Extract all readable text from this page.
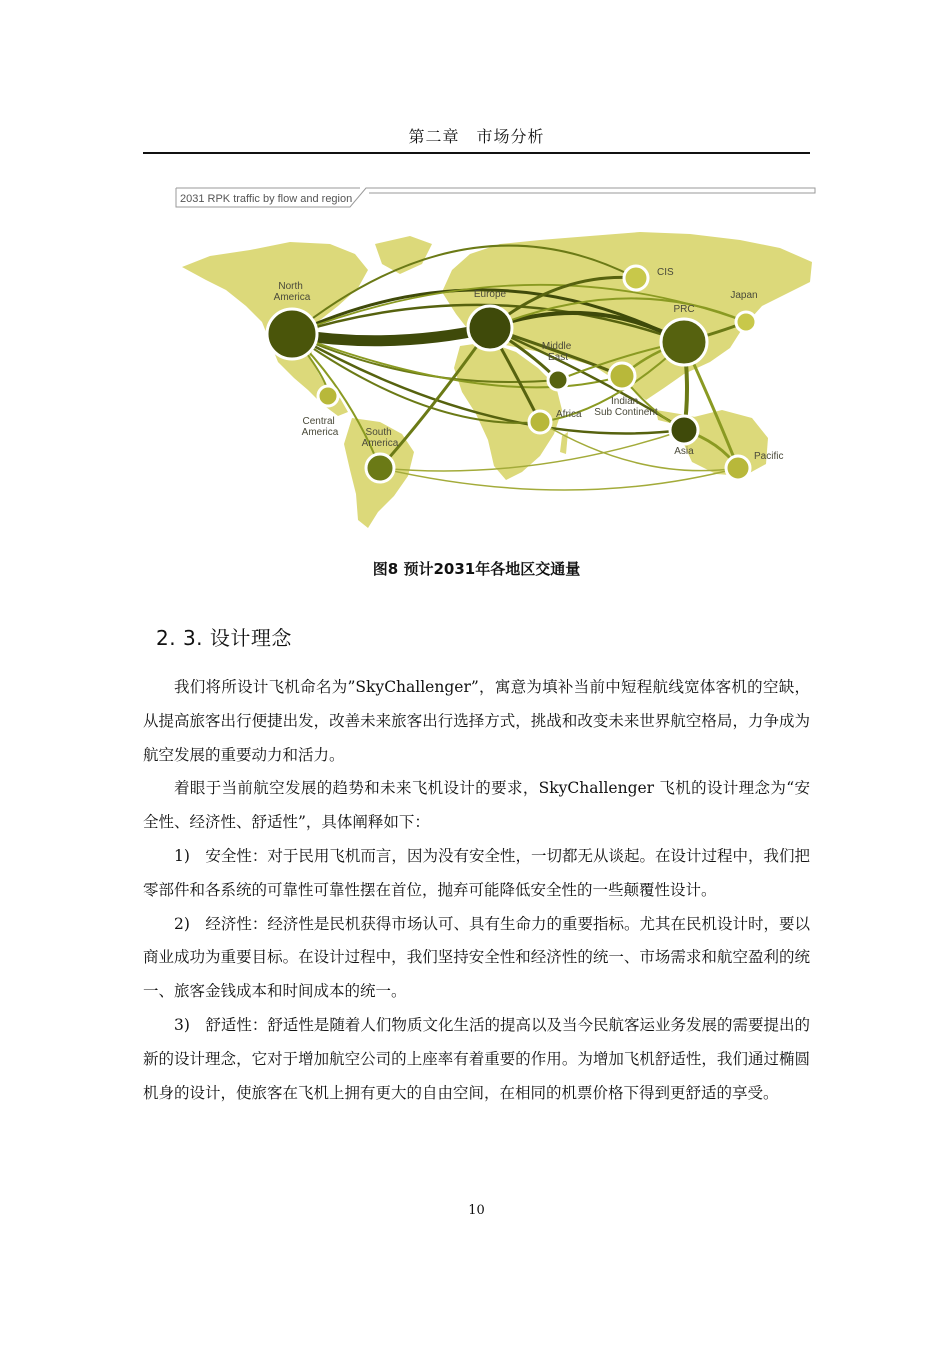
第二章　市场分析
2031 RPK traffic by flow and region
North America	Europe
CIS
Japan
PRC
Middle East
Indian Sub Continent
Africa
Central America	South America
Asia	Pacific
图8 预计2031年各地区交通量
2. 3. 设计理念

我们将所设计飞机命名为”SkyChallenger”，寓意为填补当前中短程航线宽体客机的空缺，从提高旅客出行便捷出发，改善未来旅客出行选择方式，挑战和改变未来世界航空格局，力争成为航空发展的重要动力和活力。

着眼于当前航空发展的趋势和未来飞机设计的要求，SkyChallenger 飞机的设计理念为“安全性、经济性、舒适性”，具体阐释如下：

1)　安全性：对于民用飞机而言，因为没有安全性，一切都无从谈起。在设计过程中，我们把零部件和各系统的可靠性可靠性摆在首位，抛弃可能降低安全性的一些颠覆性设计。

2)　经济性：经济性是民机获得市场认可、具有生命力的重要指标。尤其在民机设计时，要以商业成功为重要目标。在设计过程中，我们坚持安全性和经济性的统一、市场需求和航空盈利的统一、旅客金钱成本和时间成本的统一。

3)　舒适性：舒适性是随着人们物质文化生活的提高以及当今民航客运业务发展的需要提出的新的设计理念，它对于增加航空公司的上座率有着重要的作用。为增加飞机舒适性，我们通过椭圆机身的设计，使旅客在飞机上拥有更大的自由空间，在相同的机票价格下得到更舒适的享受。

10
